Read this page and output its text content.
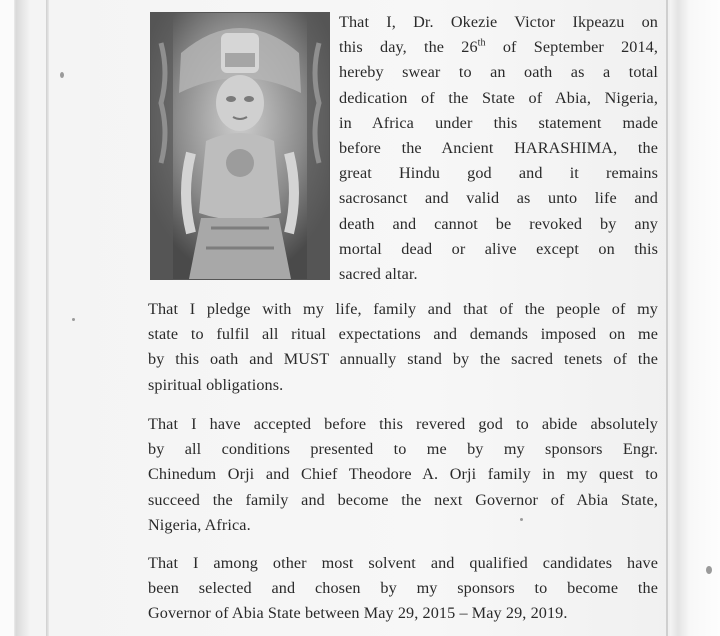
That I, Dr. Okezie Victor Ikpeazu on
this day, the 26th of September 2014,
hereby swear to an oath as a total
dedication of the State of Abia, Nigeria,
in Africa under this statement made
before the Ancient HARASHIMA, the
great Hindu god and it remains
sacrosanct and valid as unto life and
death and cannot be revoked by any
mortal dead or alive except on this
sacred altar.
That I pledge with my life, family and that of the people of my
state to fulfil all ritual expectations and demands imposed on me
by this oath and MUST annually stand by the sacred tenets of the
spiritual obligations.
That I have accepted before this revered god to abide absolutely
by all conditions presented to me by my sponsors Engr.
Chinedum Orji and Chief Theodore A. Orji family in my quest to
succeed the family and become the next Governor of Abia State,
Nigeria, Africa.
That I among other most solvent and qualified candidates have
been selected and chosen by my sponsors to become the
Governor of Abia State between May 29, 2015 – May 29, 2019.
